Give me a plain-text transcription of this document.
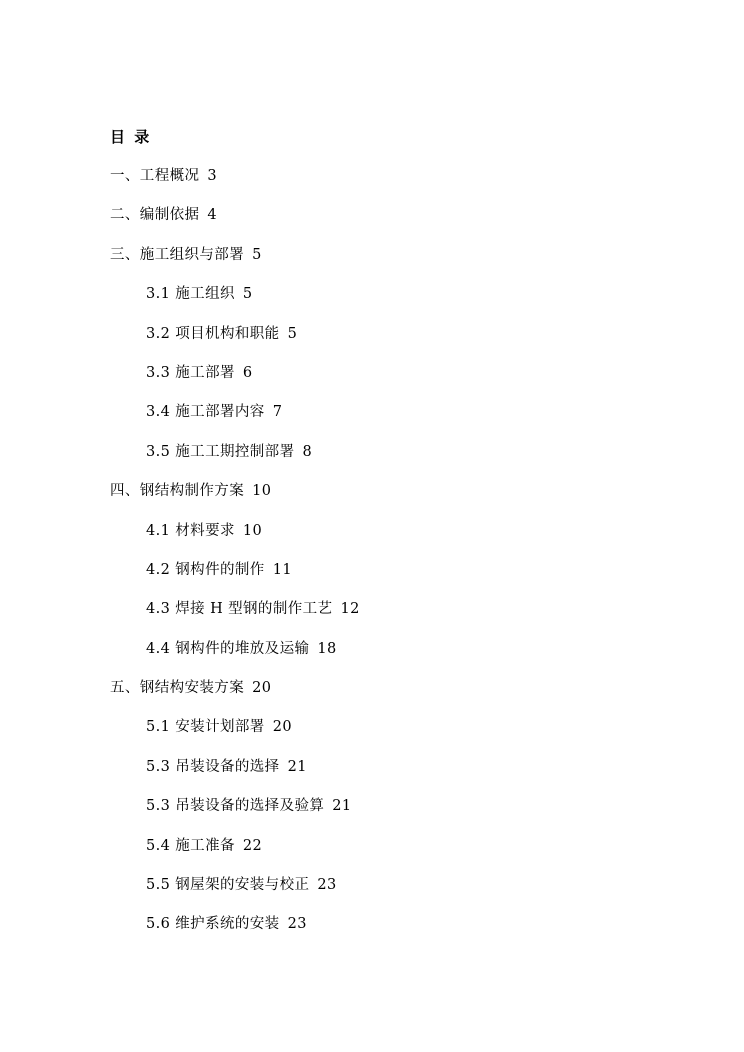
目 录
一、工程概况 3
二、编制依据 4
三、施工组织与部署 5
3.1 施工组织 5
3.2 项目机构和职能 5
3.3 施工部署 6
3.4 施工部署内容 7
3.5 施工工期控制部署 8
四、钢结构制作方案 10
4.1 材料要求 10
4.2 钢构件的制作 11
4.3 焊接 H 型钢的制作工艺 12
4.4 钢构件的堆放及运输 18
五、钢结构安装方案 20
5.1 安装计划部署 20
5.3 吊装设备的选择 21
5.3 吊装设备的选择及验算 21
5.4 施工准备 22
5.5 钢屋架的安装与校正 23
5.6 维护系统的安装 23
